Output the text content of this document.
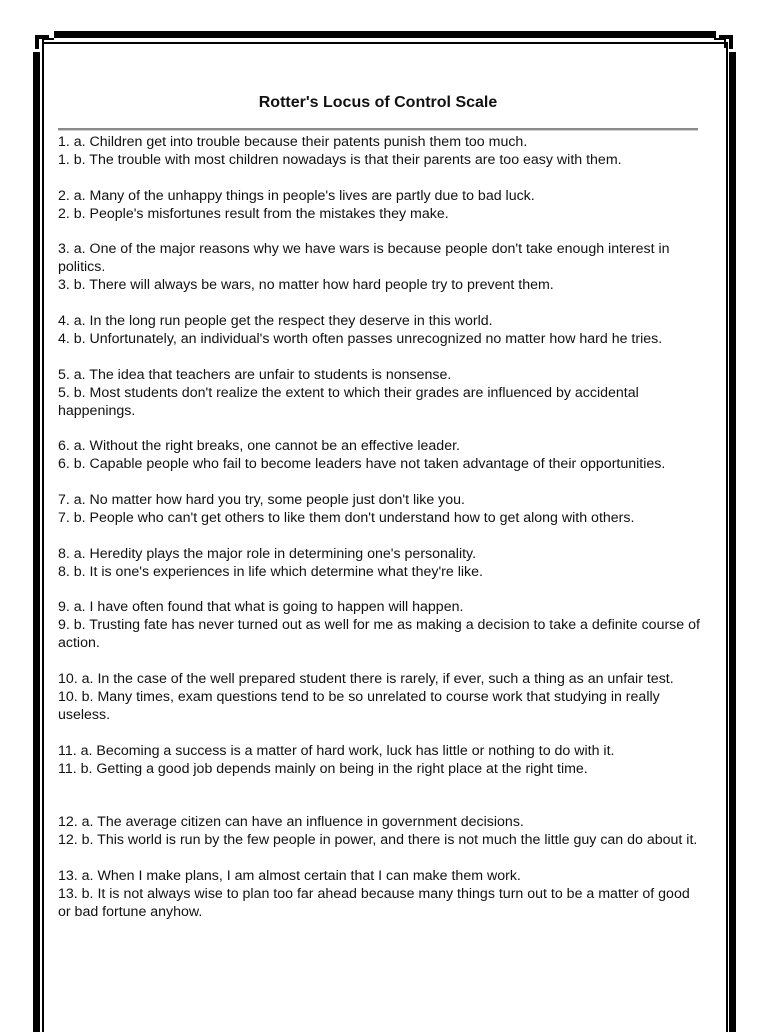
Rotter's Locus of Control Scale
1. a. Children get into trouble because their patents punish them too much.
1. b. The trouble with most children nowadays is that their parents are too easy with them.
2. a. Many of the unhappy things in people's lives are partly due to bad luck.
2. b. People's misfortunes result from the mistakes they make.
3. a. One of the major reasons why we have wars is because people don't take enough interest in politics.
3. b. There will always be wars, no matter how hard people try to prevent them.
4. a. In the long run people get the respect they deserve in this world.
4. b. Unfortunately, an individual's worth often passes unrecognized no matter how hard he tries.
5. a. The idea that teachers are unfair to students is nonsense.
5. b. Most students don't realize the extent to which their grades are influenced by accidental happenings.
6. a. Without the right breaks, one cannot be an effective leader.
6. b. Capable people who fail to become leaders have not taken advantage of their opportunities.
7. a. No matter how hard you try, some people just don't like you.
7. b. People who can't get others to like them don't understand how to get along with others.
8. a. Heredity plays the major role in determining one's personality.
8. b. It is one's experiences in life which determine what they're like.
9. a. I have often found that what is going to happen will happen.
9. b. Trusting fate has never turned out as well for me as making a decision to take a definite course of action.
10. a. In the case of the well prepared student there is rarely, if ever, such a thing as an unfair test.
10. b. Many times, exam questions tend to be so unrelated to course work that studying in really useless.
11. a. Becoming a success is a matter of hard work, luck has little or nothing to do with it.
11. b. Getting a good job depends mainly on being in the right place at the right time.
12. a. The average citizen can have an influence in government decisions.
12. b. This world is run by the few people in power, and there is not much the little guy can do about it.
13. a. When I make plans, I am almost certain that I can make them work.
13. b. It is not always wise to plan too far ahead because many things turn out to be a matter of good or bad fortune anyhow.
